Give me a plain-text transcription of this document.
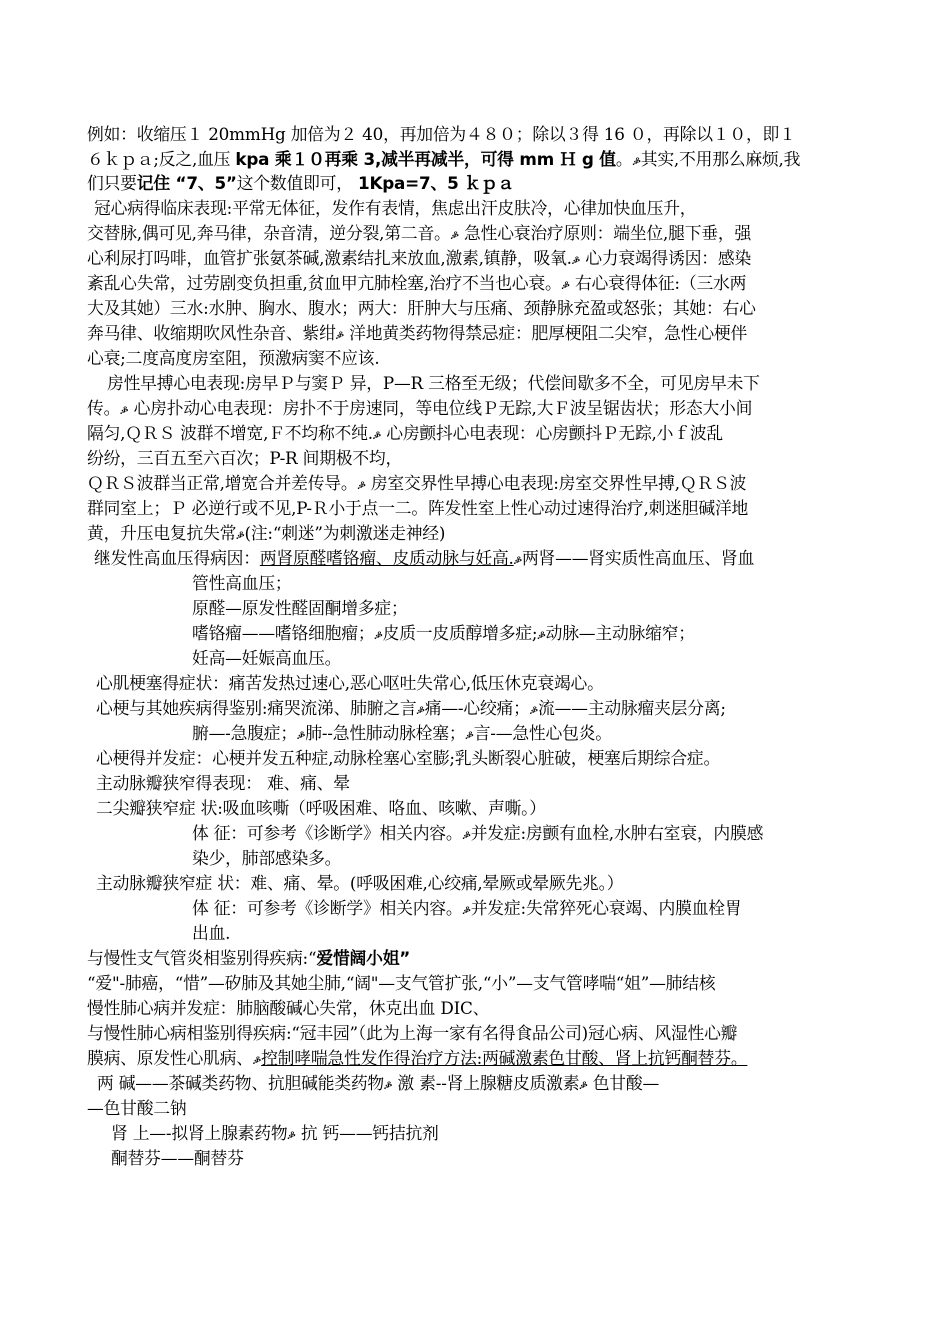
例如：收缩压１ 20mmHg 加倍为２ 40，再加倍为４８０；除以３得 16 ０，再除以１０，即１
６ｋｐａ;反之,血压 kpa 乘１０再乘 3,减半再减半，可得 mm Ｈ g 值。ቇ其实,不用那么麻烦,我
们只要记住 “7、5”这个数值即可， 1Kpa=7、5 ｋｐａ
冠心病得临床表现:平常无体征，发作有表情，焦虑出汗皮肤冷，心律加快血压升，
交替脉,偶可见,奔马律，杂音清，逆分裂,第二音。ቇ 急性心衰治疗原则：端坐位,腿下垂，强
心利尿打吗啡，血管扩张氨茶碱,激素结扎来放血,激素,镇静，吸氧.ቇ 心力衰竭得诱因：感染
紊乱心失常，过劳剧变负担重,贫血甲亢肺栓塞,治疗不当也心衰。ቇ 右心衰得体征:（三水两
大及其她）三水:水肿、胸水、腹水；两大：肝肿大与压痛、颈静脉充盈或怒张；其她：右心
奔马律、收缩期吹风性杂音、紫绀ቇ 洋地黄类药物得禁忌症：肥厚梗阻二尖窄，急性心梗伴
心衰;二度高度房室阻，预激病窦不应该.
房性早搏心电表现:房早Ｐ与窦Ｐ 异，P—R 三格至无级；代偿间歇多不全，可见房早未下
传。ቇ 心房扑动心电表现：房扑不于房速同，等电位线Ｐ无踪,大Ｆ波呈锯齿状；形态大小间
隔匀,ＱＲＳ 波群不增宽,Ｆ不均称不纯.ቇ 心房颤抖心电表现：心房颤抖Ｐ无踪,小ｆ波乱
纷纷，三百五至六百次；P-R 间期极不均，
ＱＲＳ波群当正常,增宽合并差传导。ቇ 房室交界性早搏心电表现:房室交界性早搏,ＱＲＳ波
群同室上；Ｐ 必逆行或不见,P-Ｒ小于点一二。阵发性室上性心动过速得治疗,刺迷胆碱洋地
黄，升压电复抗失常ቇ(注:“刺迷”为刺激迷走神经)
继发性高血压得病因：两肾原醛嗜铬瘤、皮质动脉与妊高.ቇ两肾——肾实质性高血压、肾血
管性高血压；
原醛—原发性醛固酮增多症；
嗜铬瘤——嗜铬细胞瘤；ቇ皮质一皮质醇增多症;ቇ动脉—主动脉缩窄；
妊高—妊娠高血压。
心肌梗塞得症状：痛苦发热过速心,恶心呕吐失常心,低压休克衰竭心。
心梗与其她疾病得鉴别:痛哭流涕、肺腑之言ቇ痛—-心绞痛；ቇ流——主动脉瘤夹层分离;
腑—-急腹症；ቇ肺--急性肺动脉栓塞；ቇ言-—急性心包炎。
心梗得并发症：心梗并发五种症,动脉栓塞心室膨;乳头断裂心脏破，梗塞后期综合症。
主动脉瓣狭窄得表现： 难、痛、晕
二尖瓣狭窄症 状:吸血咳嘶（呼吸困难、咯血、咳嗽、声嘶。）
体 征：可参考《诊断学》相关内容。ቇ并发症:房颤有血栓,水肿右室衰，内膜感
染少，肺部感染多。
主动脉瓣狭窄症 状：难、痛、晕。(呼吸困难,心绞痛,晕厥或晕厥先兆。）
体 征：可参考《诊断学》相关内容。ቇ并发症:失常猝死心衰竭、内膜血栓胃
出血.
与慢性支气管炎相鉴别得疾病:“爱惜阔小姐”
“爱"-肺癌，“惜”—矽肺及其她尘肺,“阔"—支气管扩张,“小”—支气管哮喘“姐”—肺结核
慢性肺心病并发症：肺脑酸碱心失常，休克出血 DIC、
与慢性肺心病相鉴别得疾病:“冠丰园”（此为上海一家有名得食品公司)冠心病、风湿性心瓣
膜病、原发性心肌病、ቇ控制哮喘急性发作得治疗方法:两碱激素色甘酸、肾上抗钙酮替芬。
两 碱——茶碱类药物、抗胆碱能类药物ቇ 激 素--肾上腺糖皮质激素ቇ 色甘酸—
—色甘酸二钠
肾 上—-拟肾上腺素药物ቇ 抗 钙——钙拮抗剂
酮替芬——酮替芬
